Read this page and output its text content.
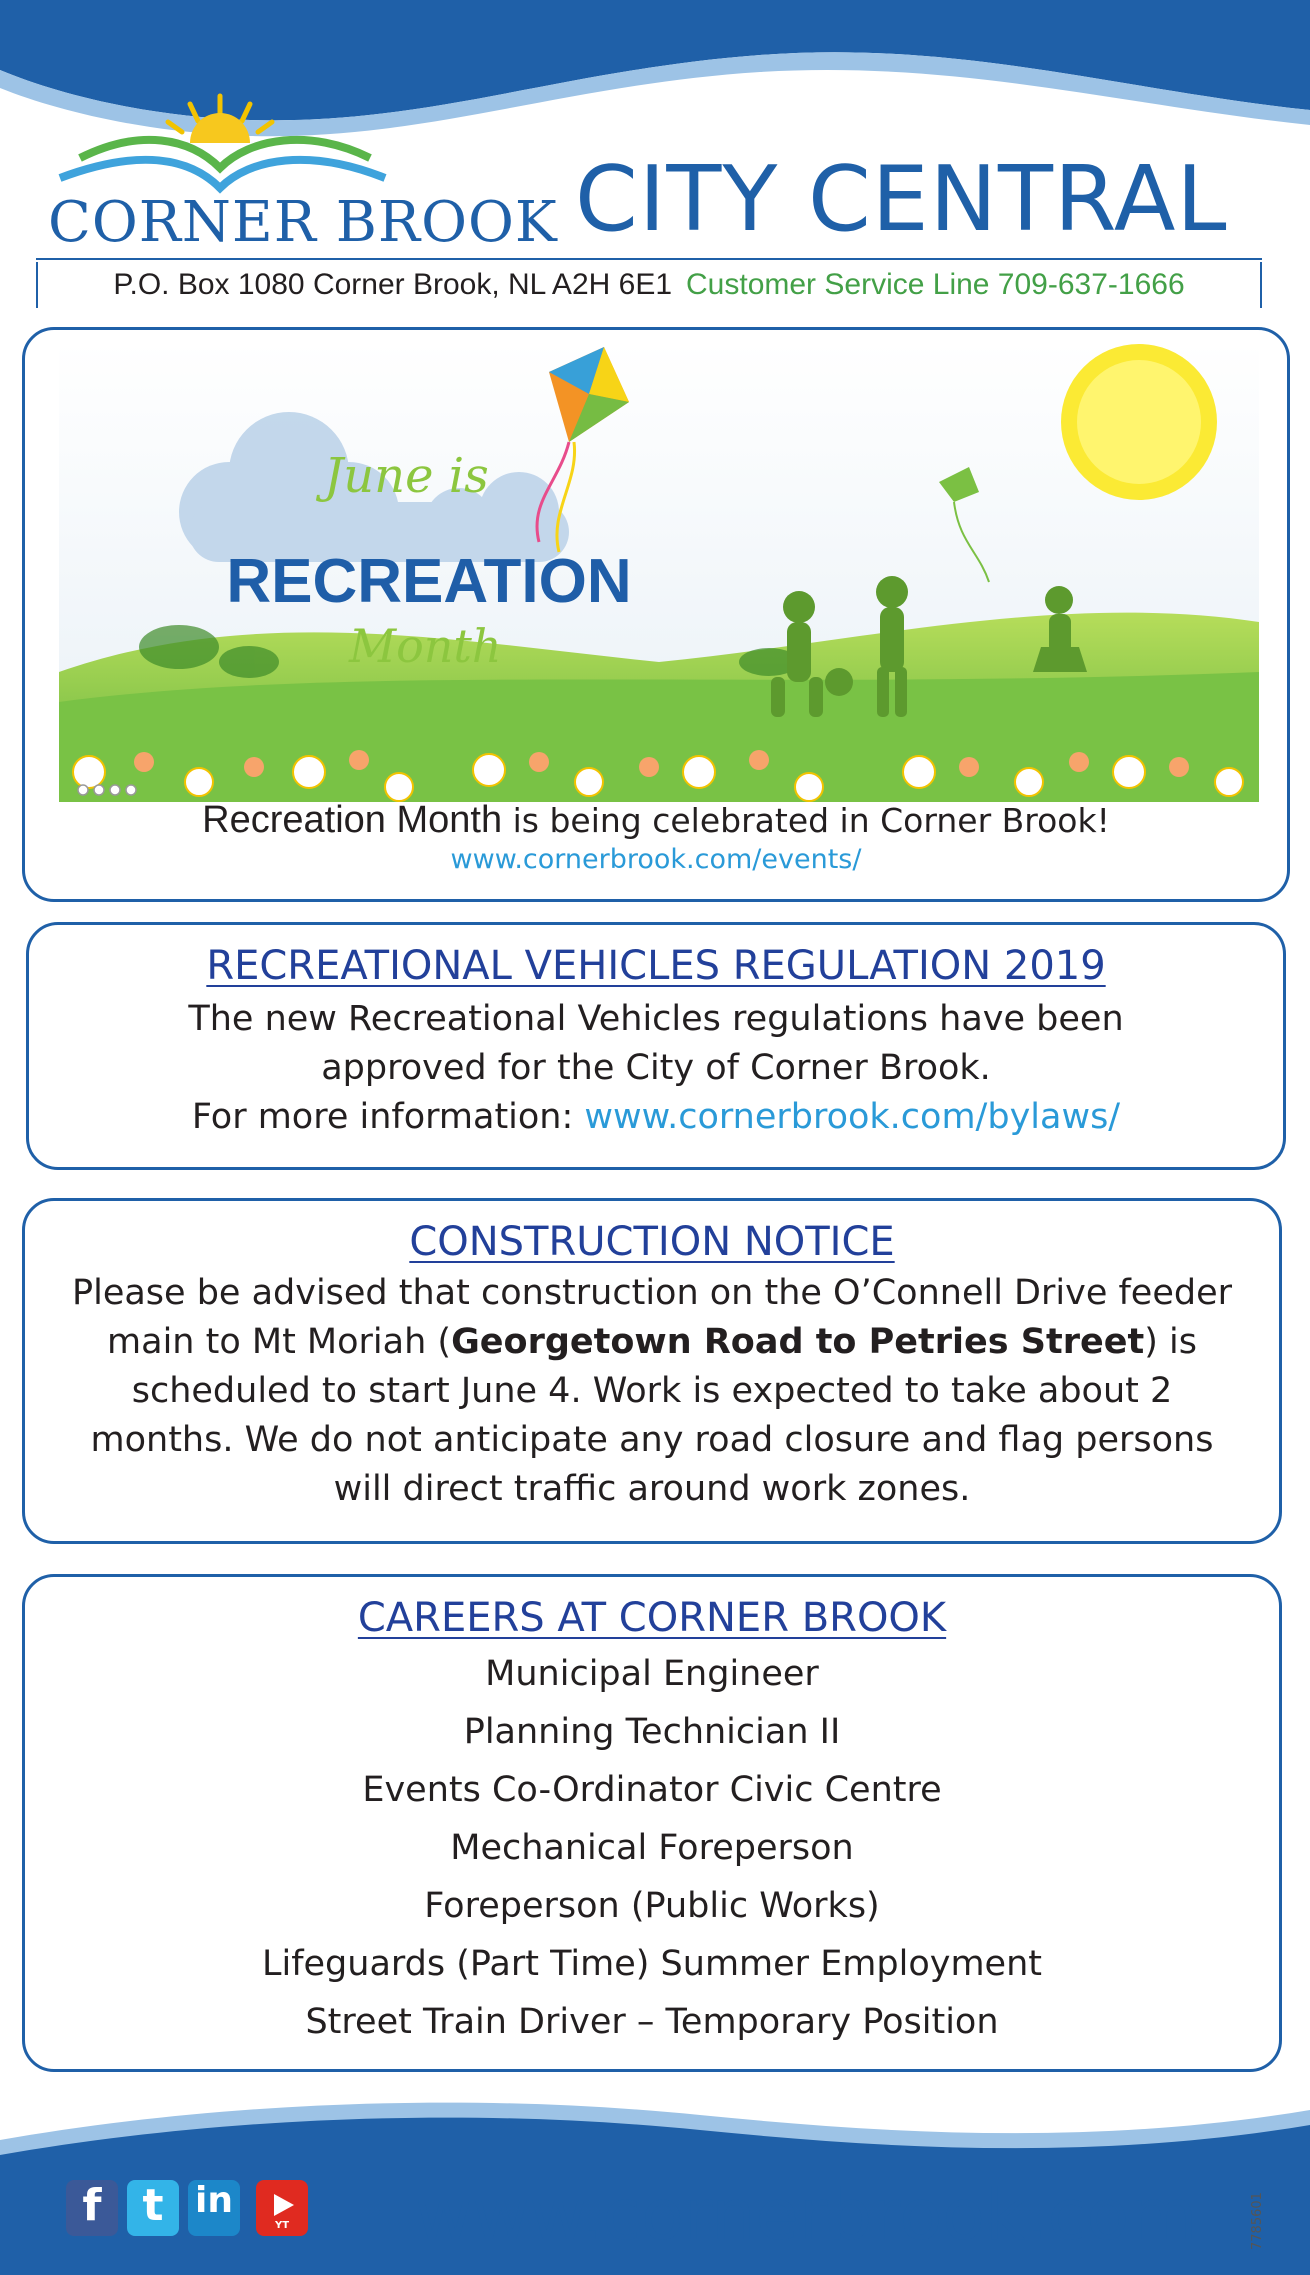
CORNER BROOK CITY CENTRAL
P.O. Box 1080 Corner Brook, NL A2H 6E1 Customer Service Line 709-637-1666
June is
RECREATION
Month
Recreation Month is being celebrated in Corner Brook!
www.cornerbrook.com/events/
RECREATIONAL VEHICLES REGULATION 2019
The new Recreational Vehicles regulations have been
approved for the City of Corner Brook.
For more information: www.cornerbrook.com/bylaws/
CONSTRUCTION NOTICE
Please be advised that construction on the O’Connell Drive feeder main to Mt Moriah (Georgetown Road to Petries Street) is scheduled to start June 4. Work is expected to take about 2 months. We do not anticipate any road closure and flag persons will direct traffic around work zones.
CAREERS AT CORNER BROOK
Municipal Engineer
Planning Technician II
Events Co-Ordinator Civic Centre
Mechanical Foreperson
Foreperson (Public Works)
Lifeguards (Part Time) Summer Employment
Street Train Driver – Temporary Position
f t in
YT www.cornerbrook.com	7785601
